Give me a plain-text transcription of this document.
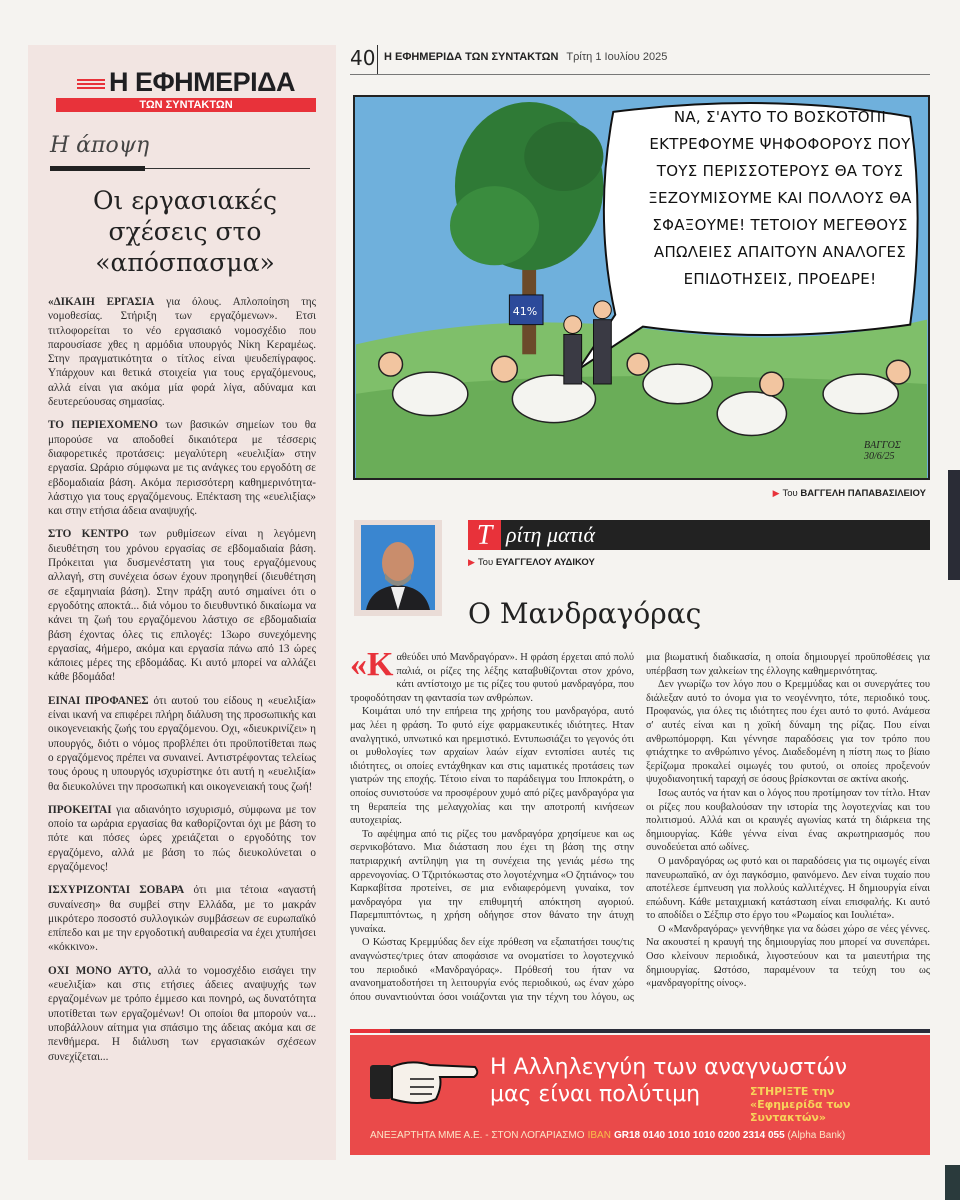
Η ΕΦΗΜΕΡΙΔΑ
ΤΩΝ ΣΥΝΤΑΚΤΩΝ
Η άποψη
Οι εργασιακές σχέσεις στο «απόσπασμα»

«ΔΙΚΑΙΗ ΕΡΓΑΣΙΑ για όλους. Απλοποίηση της νομοθεσίας. Στήριξη των εργαζόμενων». Ετσι τιτλοφορείται το νέο εργασιακό νομοσχέδιο που παρουσίασε χθες η αρμόδια υπουργός Νίκη Κεραμέως. Στην πραγματικότητα ο τίτλος είναι ψευδεπίγραφος. Υπάρχουν και θετικά στοιχεία για τους εργαζόμενους, αλλά είναι για ακόμα μία φορά λίγα, αδύναμα και δευτερεύουσας σημασίας.

ΤΟ ΠΕΡΙΕΧΟΜΕΝΟ των βασικών σημείων του θα μπορούσε να αποδοθεί δικαιότερα με τέσσερις διαφορετικές προτάσεις: μεγαλύτερη «ευελιξία» στην εργασία. Ωράριο σύμφωνα με τις ανάγκες του εργοδότη σε εβδομαδιαία βάση. Ακόμα περισσότερη καθημερινότητα-λάστιχο για τους εργαζόμενους. Επέκταση της «ευελιξίας» και στην ετήσια άδεια αναψυχής.

ΣΤΟ ΚΕΝΤΡΟ των ρυθμίσεων είναι η λεγόμενη διευθέτηση του χρόνου εργασίας σε εβδομαδιαία βάση. Πρόκειται για δυσμενέστατη για τους εργαζόμενους αλλαγή, στη συνέχεια όσων έχουν προηγηθεί (διευθέτηση σε εξαμηνιαία βάση). Στην πράξη αυτό σημαίνει ότι ο εργοδότης αποκτά... διά νόμου το διευθυντικό δικαίωμα να κάνει τη ζωή του εργαζόμενου λάστιχο σε εβδομαδιαία βάση έχοντας όλες τις επιλογές: 13ωρο συνεχόμενης εργασίας, 4ήμερο, ακόμα και εργασία πάνω από 13 ώρες κάποιες μέρες της εβδομάδας. Κι αυτό μπορεί να αλλάζει κάθε βδομάδα!

ΕΙΝΑΙ ΠΡΟΦΑΝΕΣ ότι αυτού του είδους η «ευελιξία» είναι ικανή να επιφέρει πλήρη διάλυση της προσωπικής και οικογενειακής ζωής του εργαζόμενου. Οχι, «διευκρινίζει» η υπουργός, διότι ο νόμος προβλέπει ότι προϋποτίθεται πως ο εργαζόμενος πρέπει να συναινεί. Αντιστρέφοντας τελείως τους όρους η υπουργός ισχυρίστηκε ότι αυτή η «ευελιξία» θα διευκολύνει την προσωπική και οικογενειακή τους ζωή!

ΠΡΟΚΕΙΤΑΙ για αδιανόητο ισχυρισμό, σύμφωνα με τον οποίο τα ωράρια εργασίας θα καθορίζονται όχι με βάση το πότε και πόσες ώρες χρειάζεται ο εργοδότης τον εργαζόμενο, αλλά με βάση το πώς διευκολύνεται ο εργαζόμενος!

ΙΣΧΥΡΙΖΟΝΤΑΙ ΣΟΒΑΡΑ ότι μια τέτοια «αγαστή συναίνεση» θα συμβεί στην Ελλάδα, με το μακράν μικρότερο ποσοστό συλλογικών συμβάσεων σε ευρωπαϊκό επίπεδο και με την εργοδοτική αυθαιρεσία να έχει χτυπήσει «κόκκινο».

ΟΧΙ ΜΟΝΟ ΑΥΤΟ, αλλά το νομοσχέδιο εισάγει την «ευελιξία» και στις ετήσιες άδειες αναψυχής των εργαζομένων με τρόπο έμμεσο και πονηρό, ως δυνατότητα υποτίθεται των εργαζομένων! Οι οποίοι θα μπορούν να... υποβάλλουν αίτημα για σπάσιμο της άδειας ακόμα και σε πενθήμερα. Η διάλυση των εργασιακών σχέσεων συνεχίζεται...

40 Η ΕΦΗΜΕΡΙΔΑ ΤΩΝ ΣΥΝΤΑΚΤΩΝ Τρίτη 1 Ιουλίου 2025
ΝΑ, Σ'ΑΥΤΟ ΤΟ ΒΟΣΚΟΤΟΠΙ ΕΚΤΡΕΦΟΥΜΕ ΨΗΦΟΦΟΡΟΥΣ ΠΟΥ ΤΟΥΣ ΠΕΡΙΣΣΟΤΕΡΟΥΣ ΘΑ ΤΟΥΣ ΞΕΖΟΥΜΙΣΟΥΜΕ ΚΑΙ ΠΟΛΛΟΥΣ ΘΑ ΣΦΑΞΟΥΜΕ! ΤΕΤΟΙΟΥ ΜΕΓΕΘΟΥΣ ΑΠΩΛΕΙΕΣ ΑΠΑΙΤΟΥΝ ΑΝΑΛΟΓΕΣ ΕΠΙΔΟΤΗΣΕΙΣ, ΠΡΟΕΔΡΕ!
41%
ΒΑΓΓΟΣ 30/6/25
▶ Του ΒΑΓΓΕΛΗ ΠΑΠΑΒΑΣΙΛΕΙΟΥ
Τ ρίτη ματιά
▶ Του ΕΥΑΓΓΕΛΟΥ ΑΥΔΙΚΟΥ
Ο Μανδραγόρας

«Καθεύδει υπό Μανδραγόραν». Η φράση έρχεται από πολύ παλιά, οι ρίζες της λέξης καταβυθίζονται στον χρόνο, κάτι αντίστοιχο με τις ρίζες του φυτού μανδραγόρα, που τροφοδότησαν τη φαντασία των ανθρώπων.

Κοιμάται υπό την επήρεια της χρήσης του μανδραγόρα, αυτό μας λέει η φράση. Το φυτό είχε φαρμακευτικές ιδιότητες. Ηταν αναλγητικό, υπνωτικό και ηρεμιστικό. Εντυπωσιάζει το γεγονός ότι οι μυθολογίες των αρχαίων λαών είχαν εντοπίσει αυτές τις ιδιότητες, οι οποίες εντάχθηκαν και στις ιαματικές προτάσεις των γιατρών της εποχής. Τέτοιο είναι το παράδειγμα του Ιπποκράτη, ο οποίος συνιστούσε να προσφέρουν χυμό από ρίζες μανδραγόρα για τη θεραπεία της μελαγχολίας και την αποτροπή κινήσεων αυτοχειρίας.

Το αφέψημα από τις ρίζες του μανδραγόρα χρησίμευε και ως σερνικοβότανο. Μια διάσταση που έχει τη βάση της στην πατριαρχική αντίληψη για τη συνέχεια της γενιάς μέσω της αρρενογονίας. Ο Τζιριτόκωστας στο λογοτέχνημα «Ο ζητιάνος» του Καρκαβίτσα προτείνει, σε μια ενδιαφερόμενη γυναίκα, τον μανδραγόρα για την επιθυμητή απόκτηση αγοριού. Παρεμπιπτόντως, η χρήση οδήγησε στον θάνατο την άτυχη γυναίκα.

Ο Κώστας Κρεμμύδας δεν είχε πρόθεση να εξαπατήσει τους/τις αναγνώστες/τριες όταν αποφάσισε να ονοματίσει το λογοτεχνικό του περιοδικό «Μανδραγόρας». Πρόθεσή του ήταν να ανανοηματοδοτήσει τη λειτουργία ενός περιοδικού, ως έναν χώρο όπου συναντιούνται όσοι νοιάζονται για την τέχνη του λόγου, ως μια βιωματική διαδικασία, η οποία δημιουργεί προϋποθέσεις για υπέρβαση των χαλκείων της έλλογης καθημερινότητας.

Δεν γνωρίζω τον λόγο που ο Κρεμμύδας και οι συνεργάτες του διάλεξαν αυτό το όνομα για το νεογέννητο, τότε, περιοδικό τους. Προφανώς, για όλες τις ιδιότητες που έχει αυτό το φυτό. Ανάμεσα σ' αυτές είναι και η χοϊκή δύναμη της ρίζας. Που είναι ανθρωπόμορφη. Και γέννησε παραδόσεις για τον τρόπο που φτιάχτηκε το ανθρώπινο γένος. Διαδεδομένη η πίστη πως το βίαιο ξερίζωμα προκαλεί οιμωγές του φυτού, οι οποίες προξενούν ψυχοδιανοητική ταραχή σε όσους βρίσκονται σε ακτίνα ακοής.

Ισως αυτός να ήταν και ο λόγος που προτίμησαν τον τίτλο. Ηταν οι ρίζες που κουβαλούσαν την ιστορία της λογοτεχνίας και του πολιτισμού. Αλλά και οι κραυγές αγωνίας κατά τη διάρκεια της δημιουργίας. Κάθε γέννα είναι ένας ακρωτηριασμός που συνοδεύεται από ωδίνες.

Ο μανδραγόρας ως φυτό και οι παραδόσεις για τις οιμωγές είναι πανευρωπαϊκό, αν όχι παγκόσμιο, φαινόμενο. Δεν είναι τυχαίο που αποτέλεσε έμπνευση για πολλούς καλλιτέχνες. Η δημιουργία είναι επώδυνη. Κάθε μεταιχμιακή κατάσταση είναι επισφαλής. Κι αυτό το αποδίδει ο Σέξπιρ στο έργο του «Ρωμαίος και Ιουλιέτα».

Ο «Μανδραγόρας» γεννήθηκε για να δώσει χώρο σε νέες γέννες. Να ακουστεί η κραυγή της δημιουργίας που μπορεί να συνεπάρει. Οσο κλείνουν περιοδικά, λιγοστεύουν και τα μαιευτήρια της δημιουργίας. Ωστόσο, παραμένουν τα τεύχη του ως «μανδραγορίτης οίνος».

Η Αλληλεγγύη των αναγνωστών
μας είναι πολύτιμη	ΣΤΗΡΙΞΤΕ την «Εφημερίδα των Συντακτών»
ΑΝΕΞΑΡΤΗΤΑ ΜΜΕ Α.Ε. - ΣΤΟΝ ΛΟΓΑΡΙΑΣΜΟ IBAN GR18 0140 1010 1010 0200 2314 055 (Alpha Bank)
